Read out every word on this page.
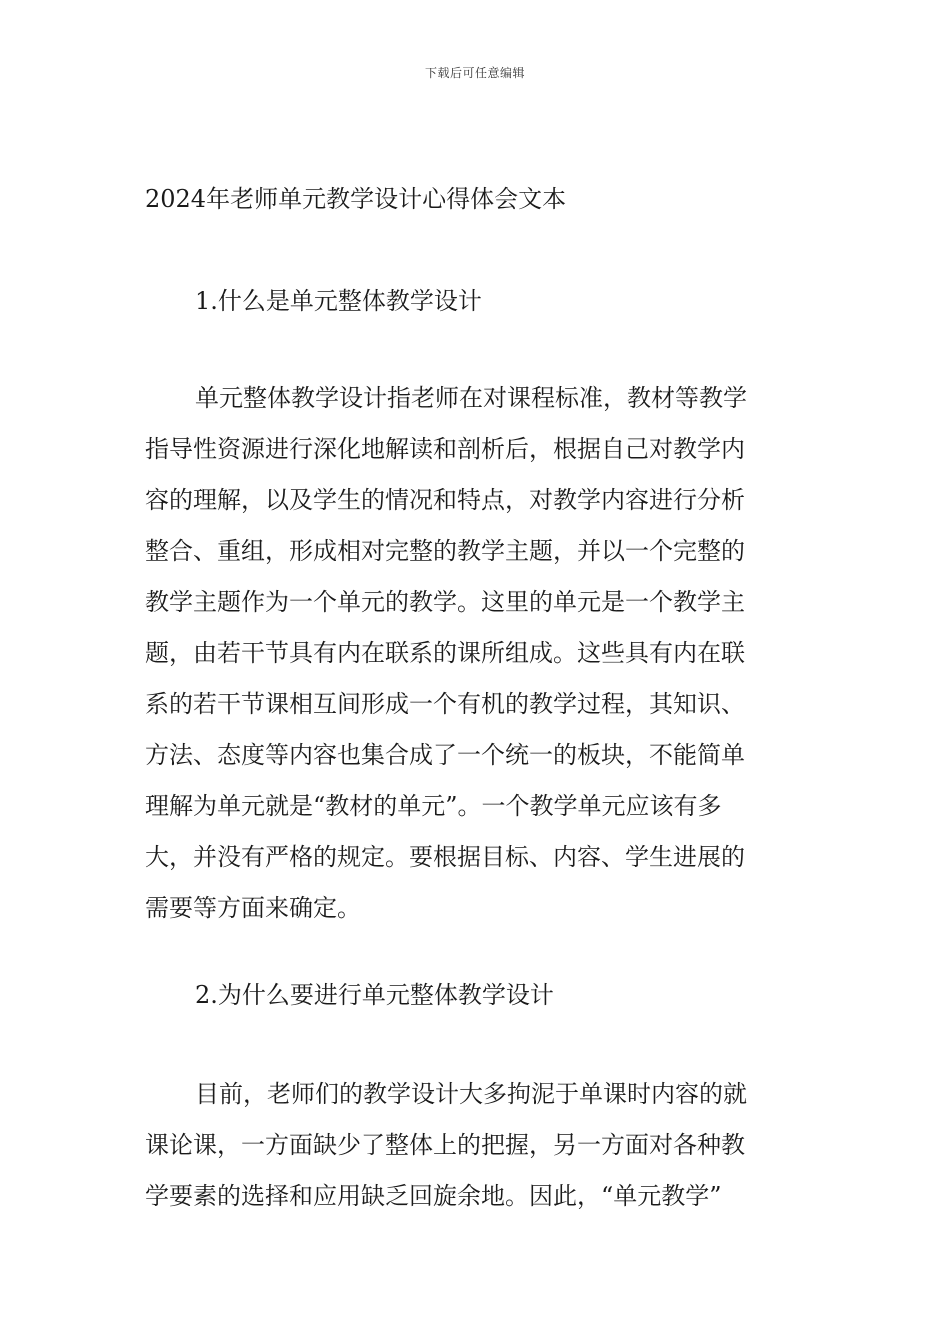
下载后可任意编辑
2024年老师单元教学设计心得体会文本
1.什么是单元整体教学设计
单元整体教学设计指老师在对课程标准，教材等教学
指导性资源进行深化地解读和剖析后，根据自己对教学内
容的理解，以及学生的情况和特点，对教学内容进行分析
整合、重组，形成相对完整的教学主题，并以一个完整的
教学主题作为一个单元的教学。这里的单元是一个教学主
题，由若干节具有内在联系的课所组成。这些具有内在联
系的若干节课相互间形成一个有机的教学过程，其知识、
方法、态度等内容也集合成了一个统一的板块，不能简单
理解为单元就是“教材的单元”。一个教学单元应该有多
大，并没有严格的规定。要根据目标、内容、学生进展的
需要等方面来确定。
2.为什么要进行单元整体教学设计
目前，老师们的教学设计大多拘泥于单课时内容的就
课论课，一方面缺少了整体上的把握，另一方面对各种教
学要素的选择和应用缺乏回旋余地。因此，“单元教学”
